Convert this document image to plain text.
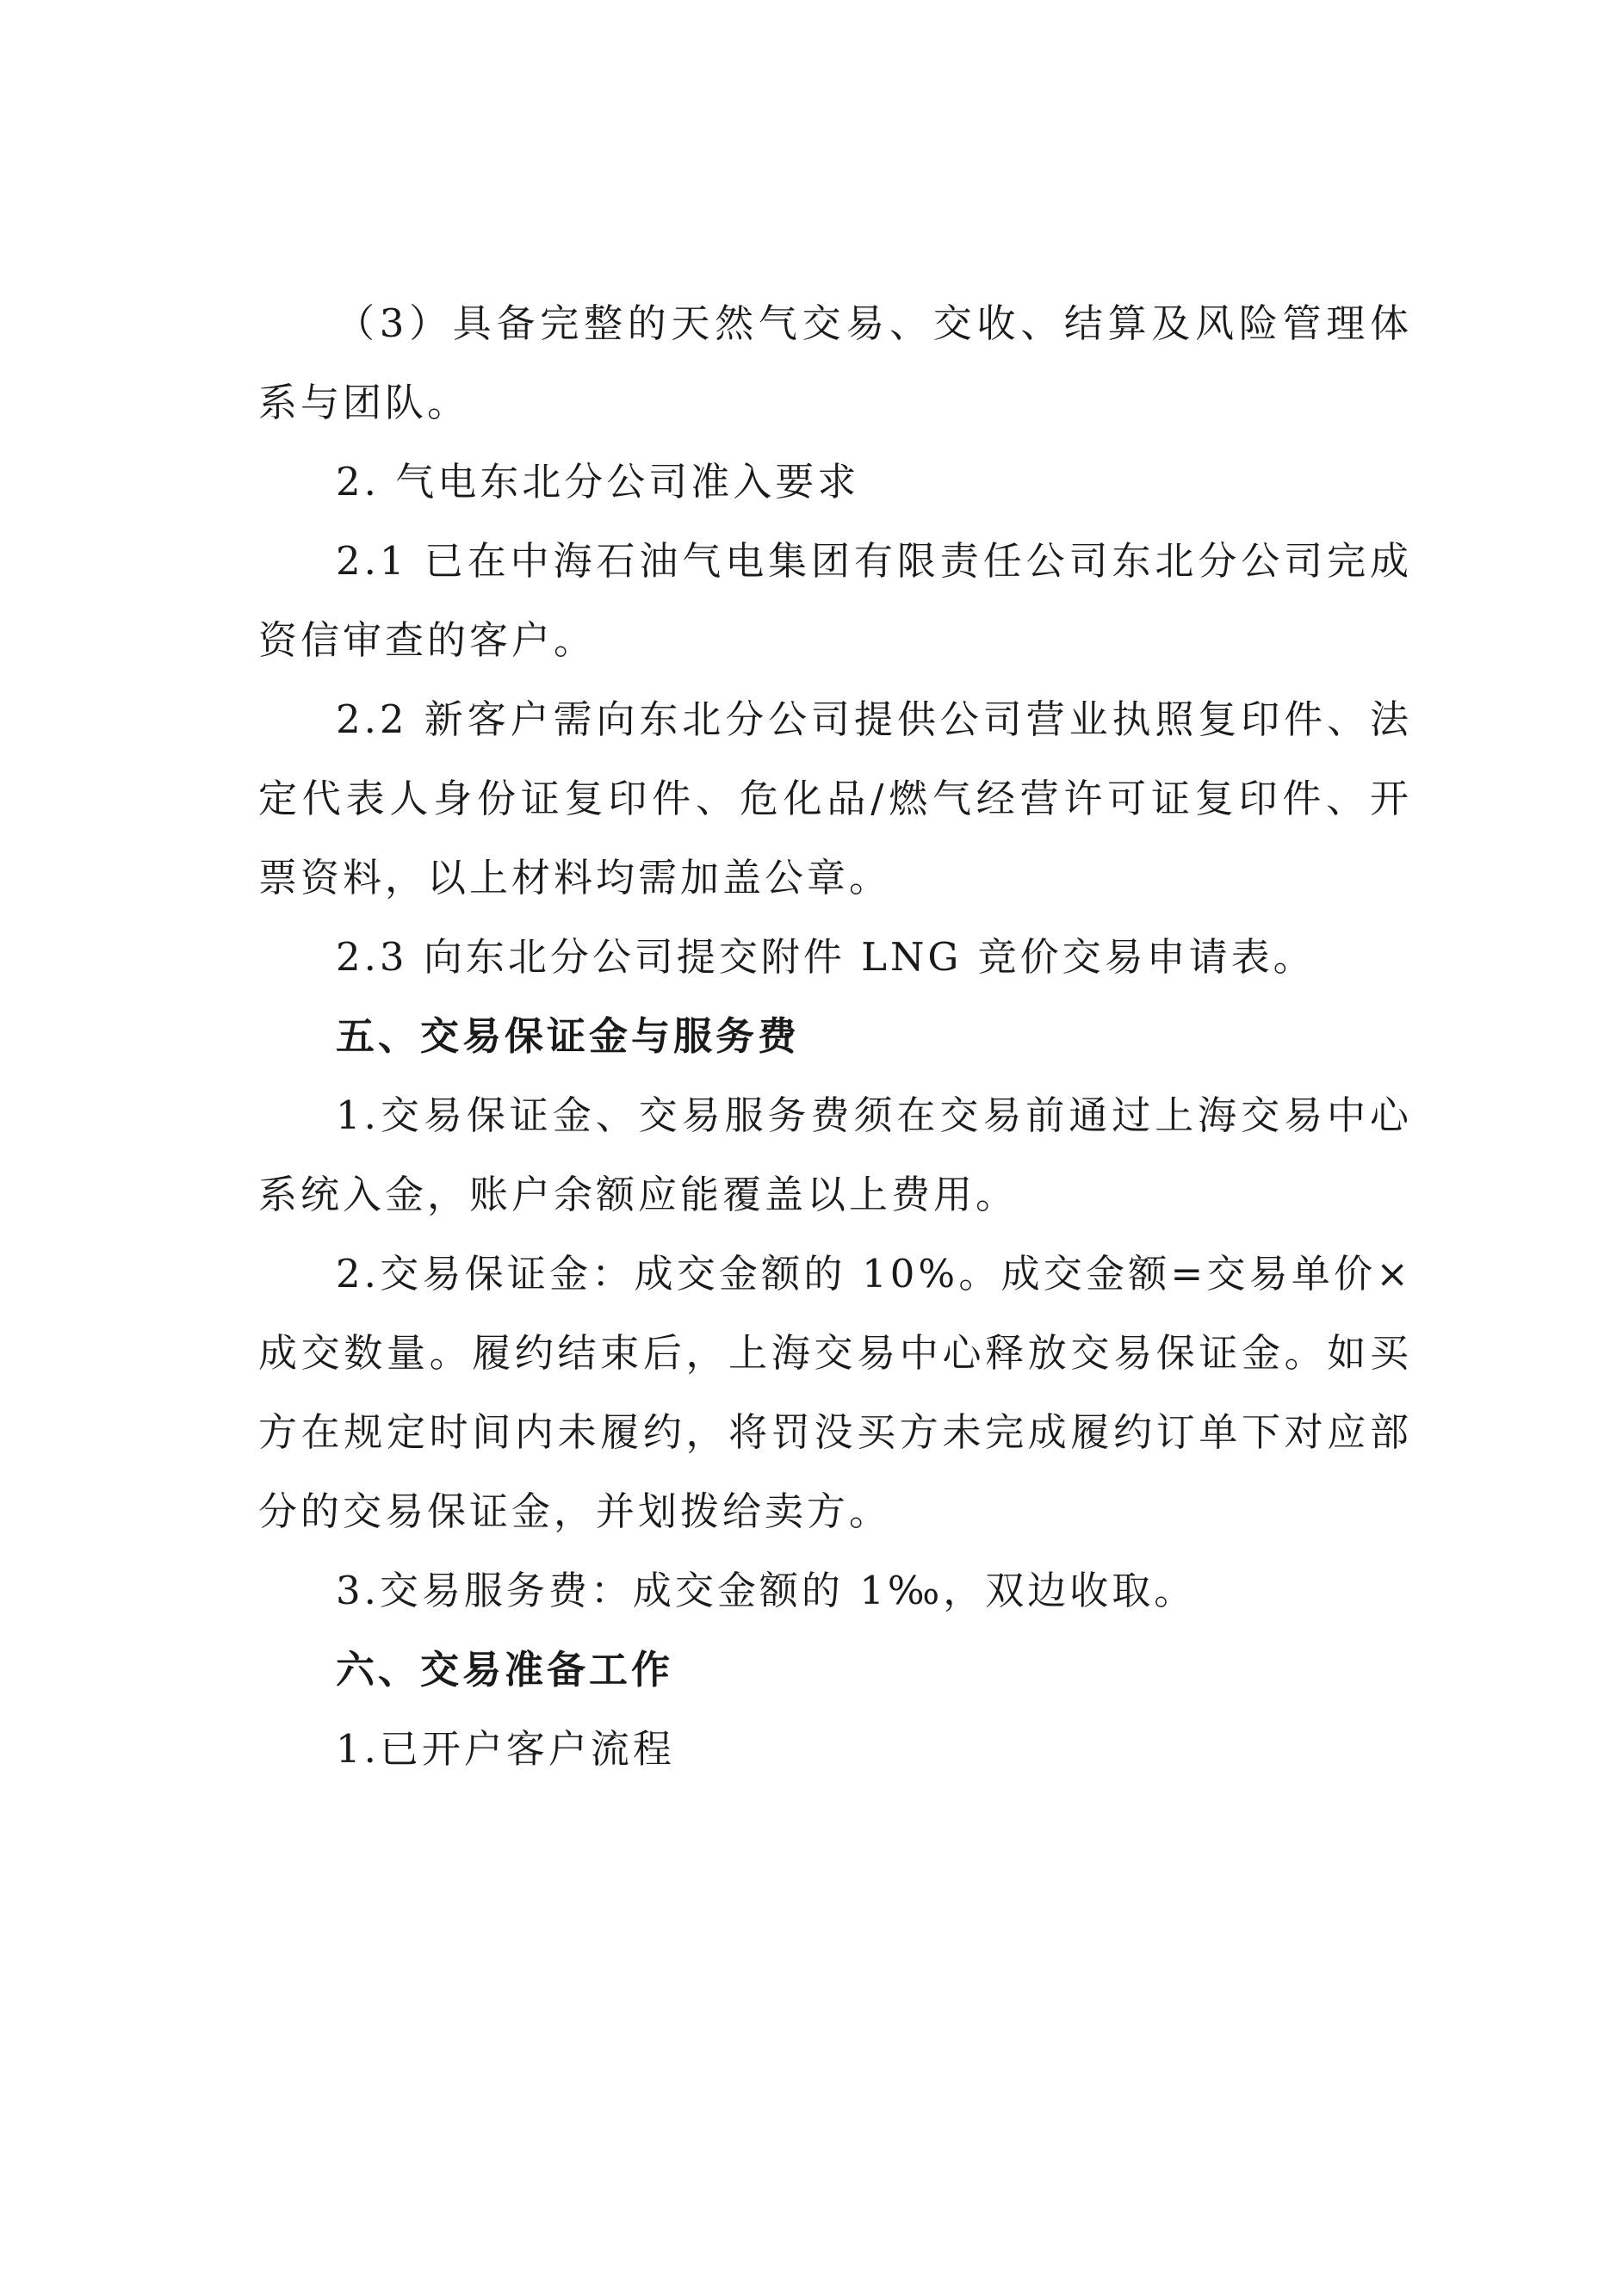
（3）具备完整的天然气交易、交收、结算及风险管理体系与团队。

2. 气电东北分公司准入要求

2.1 已在中海石油气电集团有限责任公司东北分公司完成资信审查的客户。

2.2 新客户需向东北分公司提供公司营业执照复印件、法定代表人身份证复印件、危化品/燃气经营许可证复印件、开票资料，以上材料均需加盖公章。

2.3 向东北分公司提交附件 LNG 竞价交易申请表。

五、交易保证金与服务费

1.交易保证金、交易服务费须在交易前通过上海交易中心系统入金，账户余额应能覆盖以上费用。

2.交易保证金：成交金额的 10%。成交金额=交易单价×成交数量。履约结束后，上海交易中心释放交易保证金。如买方在规定时间内未履约，将罚没买方未完成履约订单下对应部分的交易保证金，并划拨给卖方。

3.交易服务费：成交金额的 1‰，双边收取。

六、交易准备工作

1.已开户客户流程
